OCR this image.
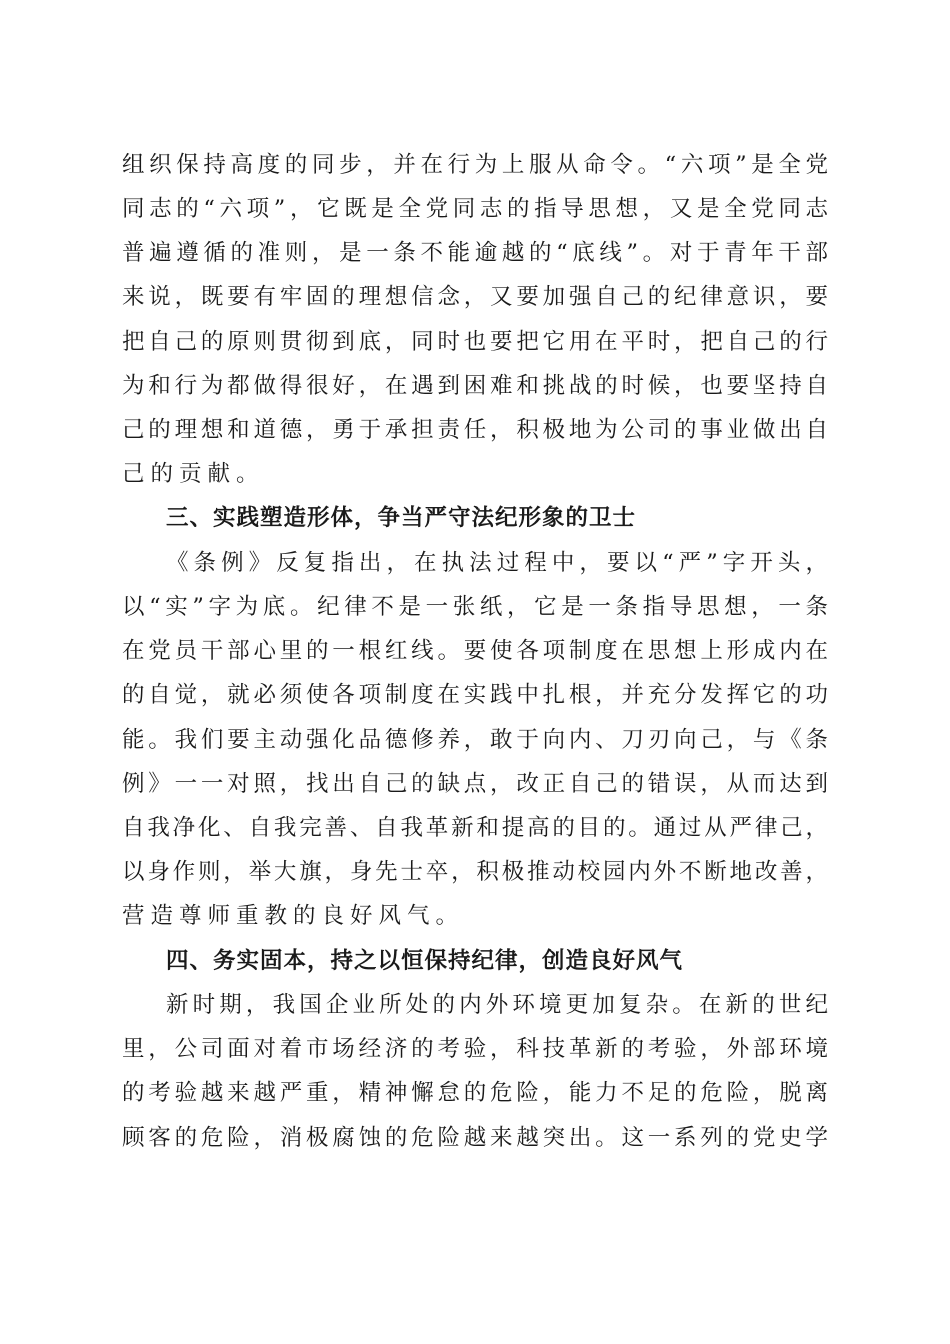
组织保持高度的同步，并在行为上服从命令。“六项”是全党
同志的“六项”，它既是全党同志的指导思想，又是全党同志
普遍遵循的准则，是一条不能逾越的“底线”。对于青年干部
来说，既要有牢固的理想信念，又要加强自己的纪律意识，要
把自己的原则贯彻到底，同时也要把它用在平时，把自己的行
为和行为都做得很好，在遇到困难和挑战的时候，也要坚持自
己的理想和道德，勇于承担责任，积极地为公司的事业做出自
己的贡献。
三、实践塑造形体，争当严守法纪形象的卫士
《条例》反复指出，在执法过程中，要以“严”字开头，
以“实”字为底。纪律不是一张纸，它是一条指导思想，一条
在党员干部心里的一根红线。要使各项制度在思想上形成内在
的自觉，就必须使各项制度在实践中扎根，并充分发挥它的功
能。我们要主动强化品德修养，敢于向内、刀刃向己，与《条
例》一一对照，找出自己的缺点，改正自己的错误，从而达到
自我净化、自我完善、自我革新和提高的目的。通过从严律己，
以身作则，举大旗，身先士卒，积极推动校园内外不断地改善，
营造尊师重教的良好风气。
四、务实固本，持之以恒保持纪律，创造良好风气
新时期，我国企业所处的内外环境更加复杂。在新的世纪
里，公司面对着市场经济的考验，科技革新的考验，外部环境
的考验越来越严重，精神懈怠的危险，能力不足的危险，脱离
顾客的危险，消极腐蚀的危险越来越突出。这一系列的党史学
